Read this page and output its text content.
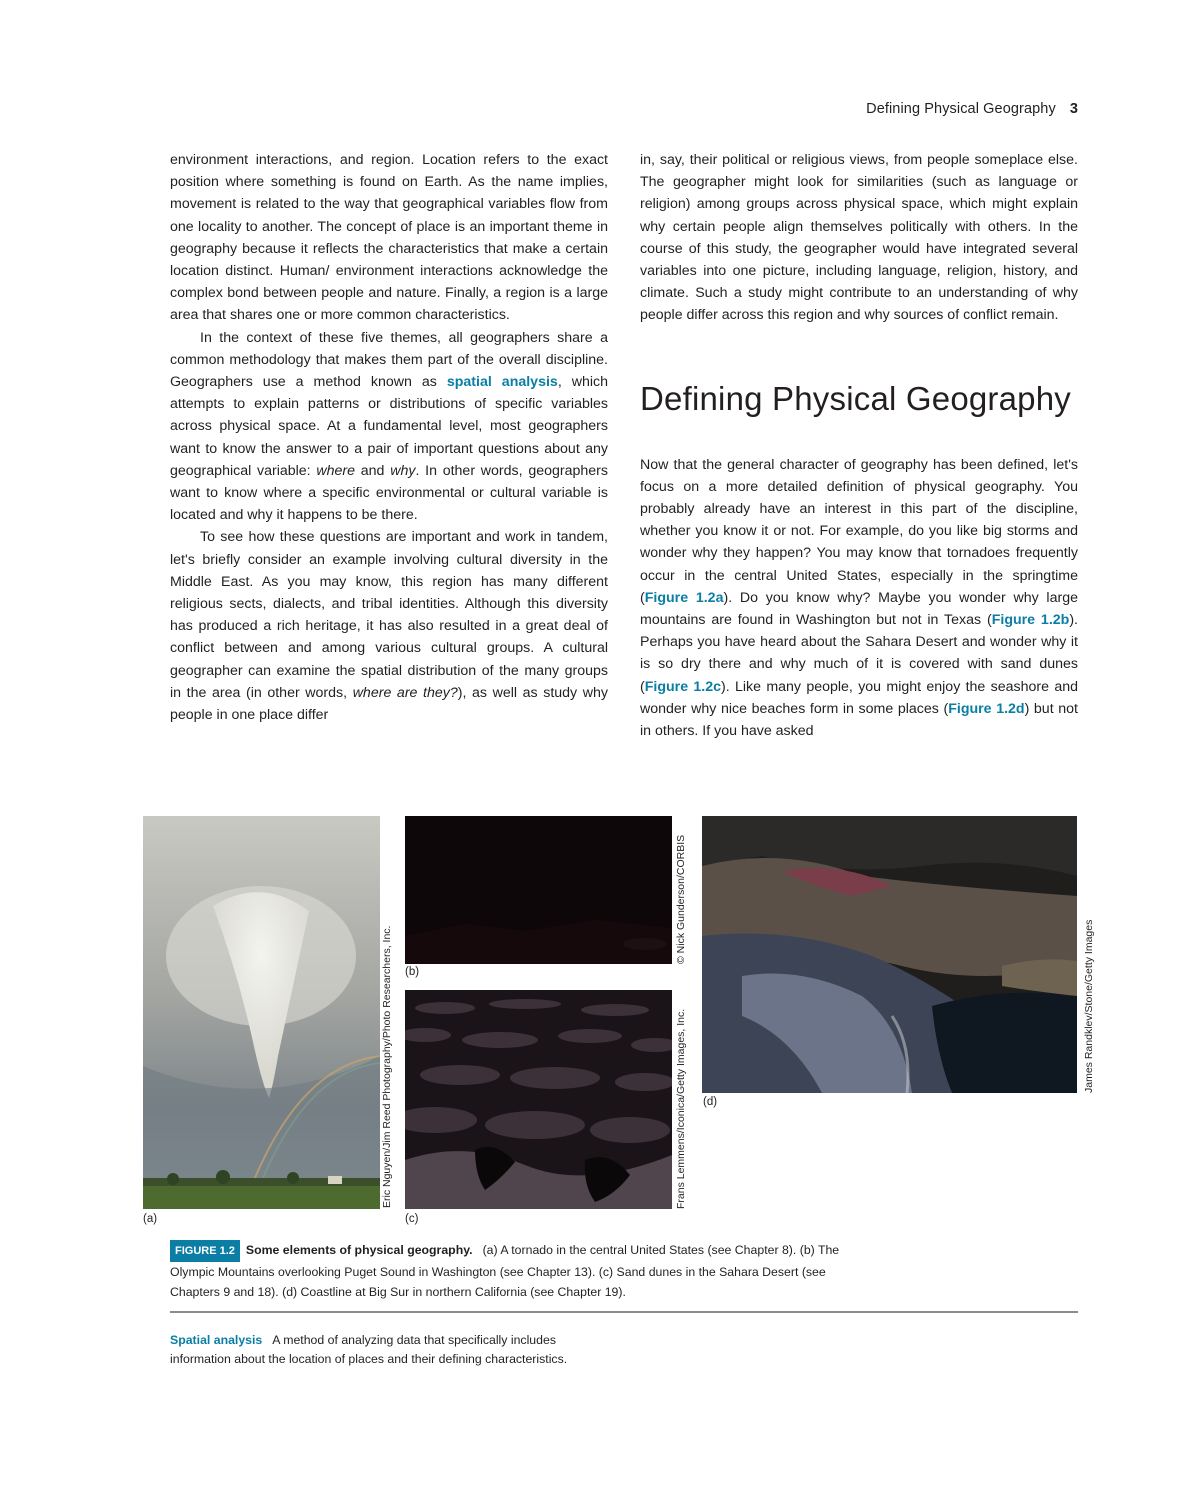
Defining Physical Geography 3

environment interactions, and region. Location refers to the exact position where something is found on Earth. As the name implies, movement is related to the way that geographical variables flow from one locality to another. The concept of place is an important theme in geography because it reflects the characteristics that make a certain location distinct. Human/ environment interactions acknowledge the complex bond between people and nature. Finally, a region is a large area that shares one or more common characteristics.

In the context of these five themes, all geographers share a common methodology that makes them part of the overall discipline. Geographers use a method known as spatial analysis, which attempts to explain patterns or distributions of specific variables across physical space. At a fundamental level, most geographers want to know the answer to a pair of important questions about any geographical variable: where and why. In other words, geographers want to know where a specific environmental or cultural variable is located and why it happens to be there.

To see how these questions are important and work in tandem, let's briefly consider an example involving cultural diversity in the Middle East. As you may know, this region has many different religious sects, dialects, and tribal identities. Although this diversity has produced a rich heritage, it has also resulted in a great deal of conflict between and among various cultural groups. A cultural geographer can examine the spatial distribution of the many groups in the area (in other words, where are they?), as well as study why people in one place differ

in, say, their political or religious views, from people someplace else. The geographer might look for similarities (such as language or religion) among groups across physical space, which might explain why certain people align themselves politically with others. In the course of this study, the geographer would have integrated several variables into one picture, including language, religion, history, and climate. Such a study might contribute to an understanding of why people differ across this region and why sources of conflict remain.

Defining Physical Geography

Now that the general character of geography has been defined, let's focus on a more detailed definition of physical geography. You probably already have an interest in this part of the discipline, whether you know it or not. For example, do you like big storms and wonder why they happen? You may know that tornadoes frequently occur in the central United States, especially in the springtime (Figure 1.2a). Do you know why? Maybe you wonder why large mountains are found in Washington but not in Texas (Figure 1.2b). Perhaps you have heard about the Sahara Desert and wonder why it is so dry there and why much of it is covered with sand dunes (Figure 1.2c). Like many people, you might enjoy the seashore and wonder why nice beaches form in some places (Figure 1.2d) but not in others. If you have asked

Eric Nguyen/Jim Reed Photography/Photo Researchers, Inc.
(a)
© Nick Gunderson/CORBIS
(b)
Frans Lemmens/Iconica/Getty Images, Inc.
(c)
James Randklev/Stone/Getty Images
(d)
FIGURE 1.2 Some elements of physical geography. (a) A tornado in the central United States (see Chapter 8). (b) The Olympic Mountains overlooking Puget Sound in Washington (see Chapter 13). (c) Sand dunes in the Sahara Desert (see Chapters 9 and 18). (d) Coastline at Big Sur in northern California (see Chapter 19).
Spatial analysis A method of analyzing data that specifically includes information about the location of places and their defining characteristics.
